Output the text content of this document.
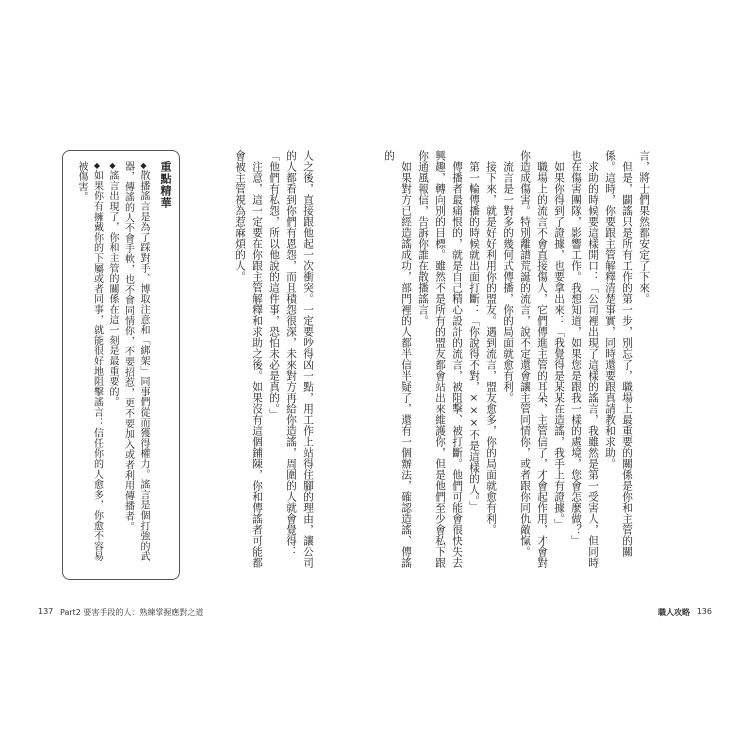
言，將士們果然都安定了下來。
　但是，闢謠只是所有工作的第一步，別忘了，職場上最重要的關係是你和主管的關係。這時，你要跟主管解釋清楚事實，同時還要跟真請教和求助。
　求助的時候要這樣開口：「公司裡出現了這樣的謠言，我雖然是第一受害人，但同時也在傷害團隊，影響工作。我想知道，如果您是跟我一樣的處境，您會怎麼做？」
　如果你得到了證據，也要拿出來：「我覺得是某某在造謠，我手上有證據。」
　職場上的流言不會直接傷人，它們傳進主管的耳朵，主管信了，才會起作用，才會對你造成傷害。特別離譜荒誕的流言，說不定還會讓主管同情你，或者跟你同仇敵愾。
　流言是一對多的幾何式傳播，你的局面就愈有利。
　接下來，就是好好利用你的盟友。遇到流言，盟友愈多，你的局面就愈有利。
　第一輪傳播的時候就出面打斷：「你說得不對，×××不是這樣的人。」
　傳播者最痛恨的，就是自己精心設計的流言，被阻擊、被打斷。他們可能會很快失去興趣，轉向別的目標。雖然不是所有的盟友都會站出來維護你，但是他們至少會私下跟你通風報信，告訴你誰在散播謠言。
　如果對方已經造謠成功，部門裡的人都半信半疑了，還有一個辦法，確認造謠、傳謠的
人之後，直接跟他起一次衝突。一定要吵得凶一點，用工作上站得住腳的理由，讓公司的人都看到你們有恩怨，而且積怨很深，未來對方再給你造謠，周圍的人就會覺得：「他們有私怨，所以他說的這件事，恐怕未必是真的。」
　注意，這一定要在你跟主管解釋和求助之後。如果沒有這個鋪陳，你和傳謠者可能都會被主管視為惹麻煩的人。
重點精華
◆散播謠言是為了踩對手、博取注意和「綁架」同事們從而獲得權力。謠言是個打強的武器，傳謠的人不會手軟，也不會同情你，不要招惹，更不要加入或者利用傳播者。
◆謠言出現了，你和主管的關係在這一刻是最重要的。
◆如果你有擁戴你的下屬或者同事，就能很好地阻擊謠言：信任你的人愈多，你愈不容易被傷害。
137 Part2 要害手段的人：熟練掌握應對之道	職人攻略 136
